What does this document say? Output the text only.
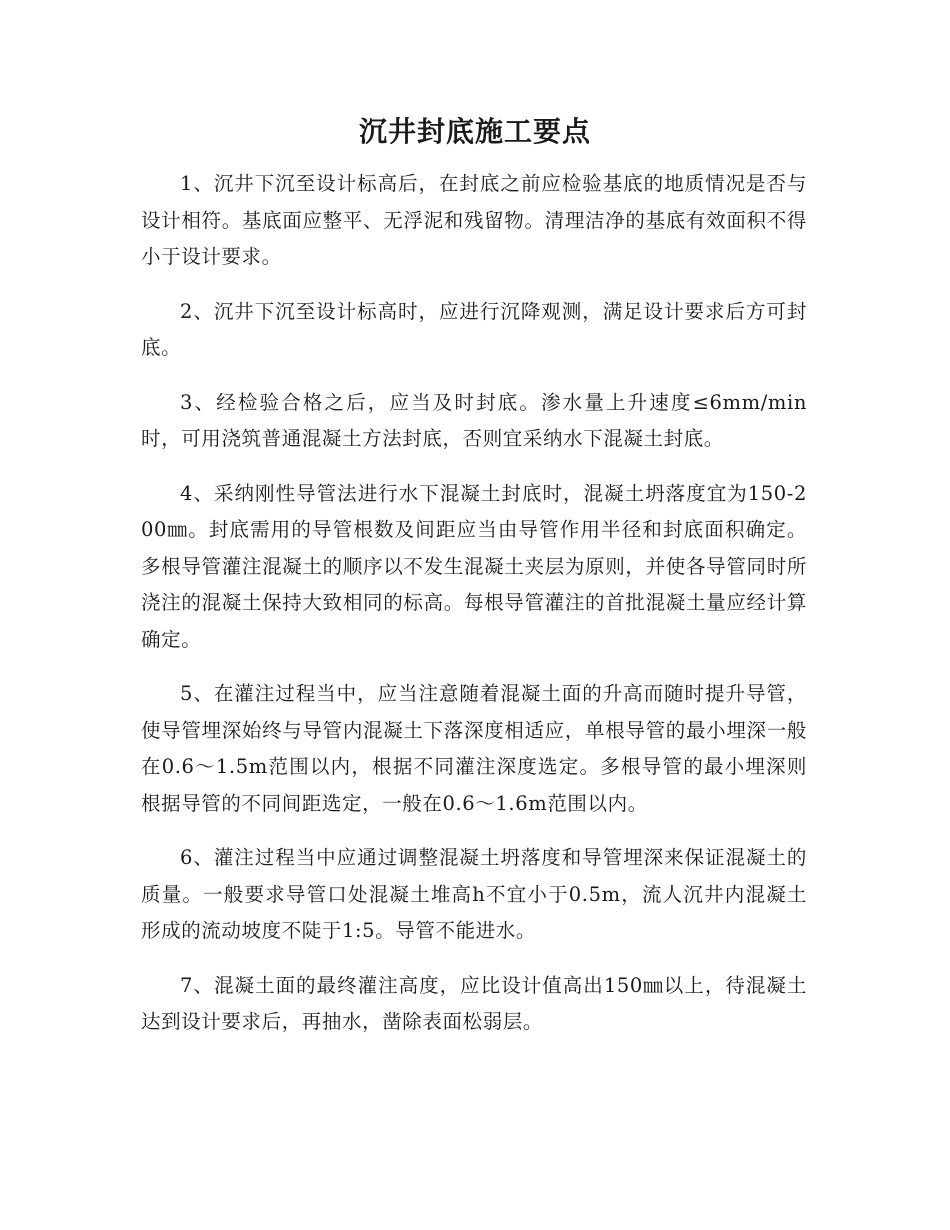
沉井封底施工要点

1、沉井下沉至设计标高后，在封底之前应检验基底的地质情况是否与设计相符。基底面应整平、无浮泥和残留物。清理洁净的基底有效面积不得小于设计要求。

2、沉井下沉至设计标高时，应进行沉降观测，满足设计要求后方可封底。

3、经检验合格之后，应当及时封底。渗水量上升速度≤6mm/min时，可用浇筑普通混凝土方法封底，否则宜采纳水下混凝土封底。

4、采纳刚性导管法进行水下混凝土封底时，混凝土坍落度宜为150-200㎜。封底需用的导管根数及间距应当由导管作用半径和封底面积确定。多根导管灌注混凝土的顺序以不发生混凝土夹层为原则，并使各导管同时所浇注的混凝土保持大致相同的标高。每根导管灌注的首批混凝土量应经计算确定。

5、在灌注过程当中，应当注意随着混凝土面的升高而随时提升导管，使导管埋深始终与导管内混凝土下落深度相适应，单根导管的最小埋深一般在0.6～1.5m范围以内，根据不同灌注深度选定。多根导管的最小埋深则根据导管的不同间距选定，一般在0.6～1.6m范围以内。

6、灌注过程当中应通过调整混凝土坍落度和导管埋深来保证混凝土的质量。一般要求导管口处混凝土堆高h不宜小于0.5m，流人沉井内混凝土形成的流动坡度不陡于1:5。导管不能进水。

7、混凝土面的最终灌注高度，应比设计值高出150㎜以上，待混凝土达到设计要求后，再抽水，凿除表面松弱层。
